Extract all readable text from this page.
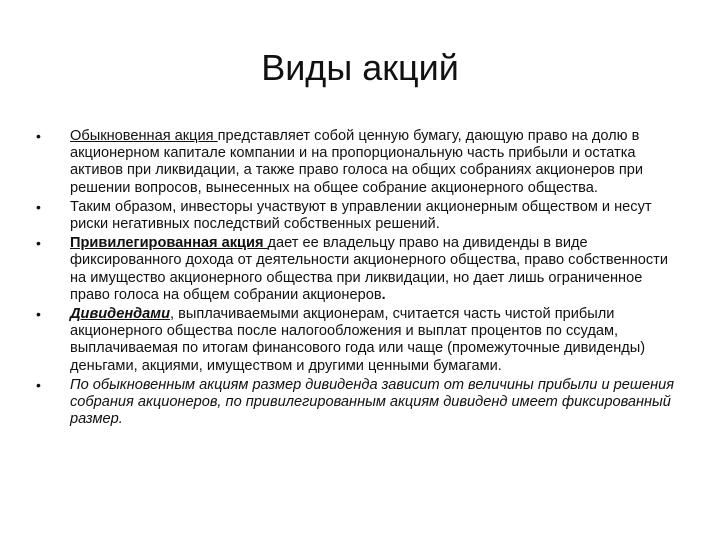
Виды акций
•	Обыкновенная акция представляет собой ценную бумагу, дающую право на долю в акционерном капитале компании и на пропорциональную часть прибыли и остатка активов при ликвидации, а также право голоса на общих собраниях акционеров при решении вопросов, вынесенных на общее собрание акционерного общества.
•	Таким образом, инвесторы участвуют в управлении акционерным обществом и несут риски негативных последствий собственных решений.
•	Привилегированная акция дает ее владельцу право на дивиденды в виде фиксированного дохода от деятельности акционерного общества, право собственности на имущество акционерного общества при ликвидации, но дает лишь ограниченное право голоса на общем собрании акционеров.
•	Дивидендами, выплачиваемыми акционерам, считается часть чистой прибыли акционерного общества после налогообложения и выплат процентов по ссудам, выплачиваемая по итогам финансового года или чаще (промежуточные дивиденды) деньгами, акциями, имуществом и другими ценными бумагами.
•	По обыкновенным акциям размер дивиденда зависит от величины прибыли и решения собрания акционеров, по привилегированным акциям дивиденд имеет фиксированный размер.
